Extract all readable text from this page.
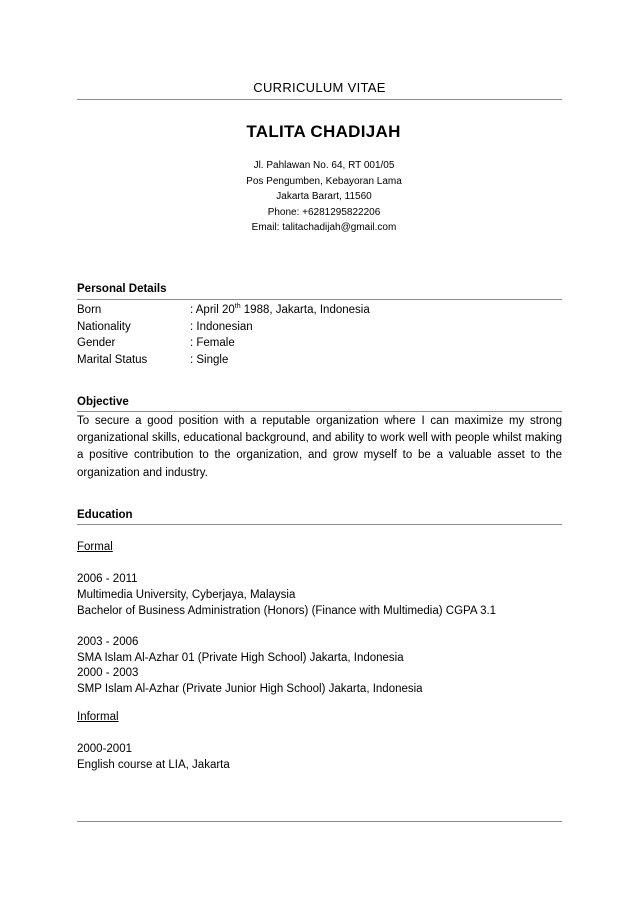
CURRICULUM VITAE
TALITA CHADIJAH
Jl. Pahlawan No. 64, RT 001/05
Pos Pengumben, Kebayoran Lama
Jakarta Barart, 11560
Phone: +6281295822206
Email: talitachadijah@gmail.com
Personal Details
Born	: April 20th 1988, Jakarta, Indonesia
Nationality	: Indonesian
Gender	: Female
Marital Status	: Single
Objective
To secure a good position with a reputable organization where I can maximize my strong organizational skills, educational background, and ability to work well with people whilst making a positive contribution to the organization, and grow myself to be a valuable asset to the organization and industry.
Education
Formal
2006 - 2011
Multimedia University, Cyberjaya, Malaysia
Bachelor of Business Administration (Honors) (Finance with Multimedia) CGPA 3.1
2003 - 2006
SMA Islam Al-Azhar 01 (Private High School) Jakarta, Indonesia
2000 - 2003
SMP Islam Al-Azhar (Private Junior High School) Jakarta, Indonesia
Informal
2000-2001
English course at LIA, Jakarta
